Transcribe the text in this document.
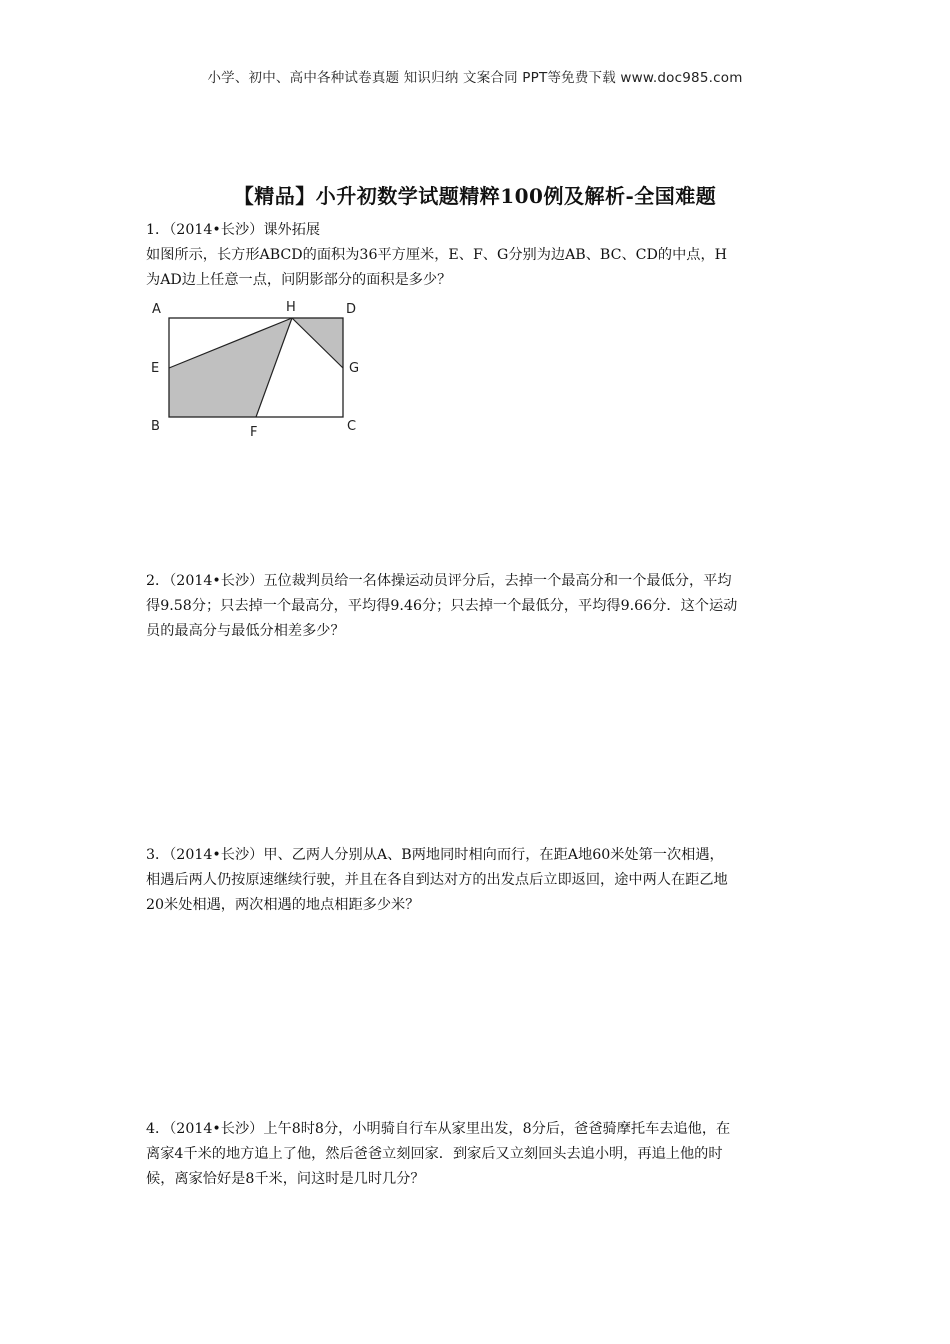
小学、初中、高中各种试卷真题 知识归纳 文案合同 PPT等免费下载 www.doc985.com
【精品】小升初数学试题精粹100例及解析-全国难题

1．（2014•长沙）课外拓展

如图所示，长方形ABCD的面积为36平方厘米，E、F、G分别为边AB、BC、CD的中点，H

为AD边上任意一点，问阴影部分的面积是多少？

A	H	D
E	G
B	F	C

2．（2014•长沙）五位裁判员给一名体操运动员评分后，去掉一个最高分和一个最低分，平均

得9.58分；只去掉一个最高分，平均得9.46分；只去掉一个最低分，平均得9.66分．这个运动

员的最高分与最低分相差多少？

3．（2014•长沙）甲、乙两人分别从A、B两地同时相向而行，在距A地60米处第一次相遇，

相遇后两人仍按原速继续行驶，并且在各自到达对方的出发点后立即返回，途中两人在距乙地

20米处相遇，两次相遇的地点相距多少米？

4．（2014•长沙）上午8时8分，小明骑自行车从家里出发，8分后，爸爸骑摩托车去追他，在

离家4千米的地方追上了他，然后爸爸立刻回家．到家后又立刻回头去追小明，再追上他的时

候，离家恰好是8千米，问这时是几时几分？
